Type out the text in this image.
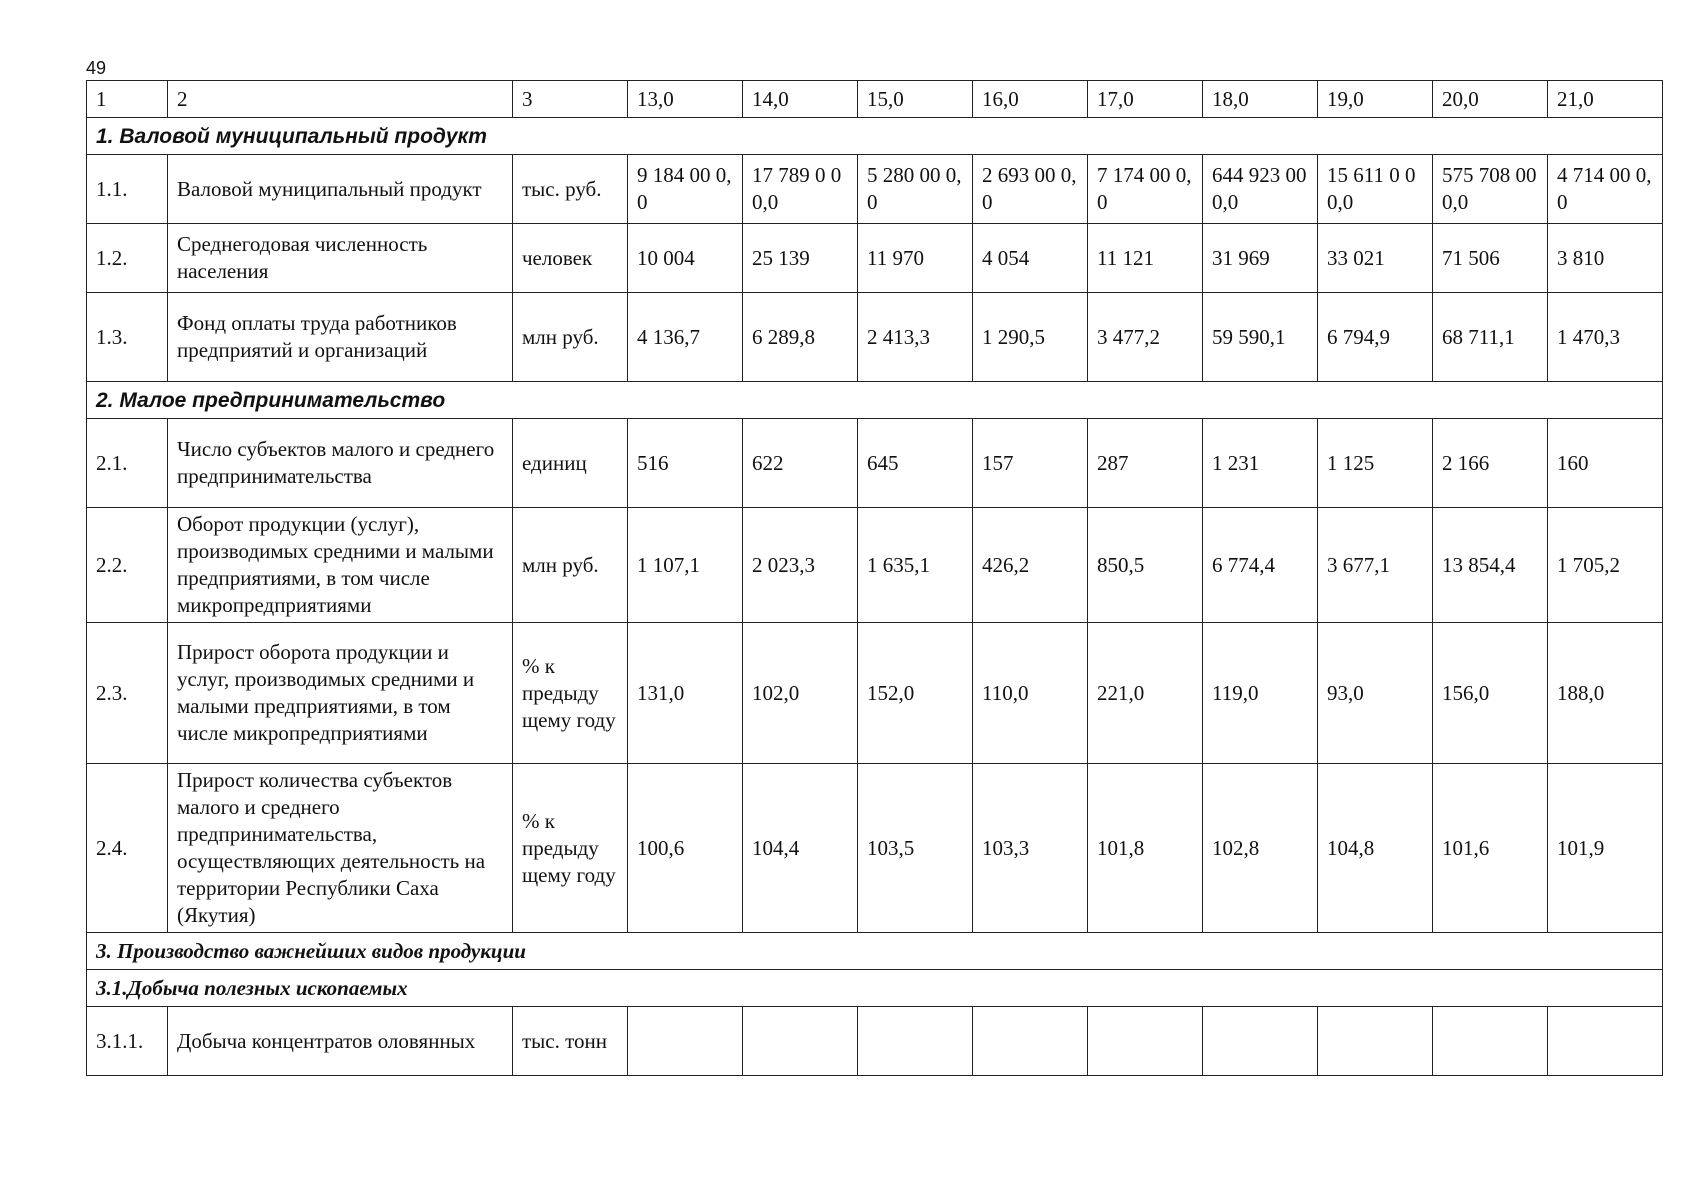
49
1	2	3	13,0	14,0	15,0	16,0	17,0	18,0	19,0	20,0	21,0
1. Валовой муниципальный продукт											
1.1.	Валовой муниципальный продукт	тыс. руб.	9 184 00 0,0	17 789 0 00,0	5 280 00 0,0	2 693 00 0,0	7 174 00 0,0	644 923 000,0	15 611 0 00,0	575 708 000,0	4 714 00 0,0
1.2.	Среднегодовая численность населения	человек	10 004	25 139	11 970	4 054	11 121	31 969	33 021	71 506	3 810
1.3.	Фонд оплаты труда работников предприятий и организаций	млн руб.	4 136,7	6 289,8	2 413,3	1 290,5	3 477,2	59 590,1	6 794,9	68 711,1	1 470,3
2. Малое предпринимательство											
2.1.	Число субъектов малого и среднего предпринимательства	единиц	516	622	645	157	287	1 231	1 125	2 166	160
2.2.	Оборот продукции (услуг), производимых средними и малыми предприятиями, в том числе микропредприятиями	млн руб.	1 107,1	2 023,3	1 635,1	426,2	850,5	6 774,4	3 677,1	13 854,4	1 705,2
2.3.	Прирост оборота продукции и услуг, производимых средними и малыми предприятиями, в том числе микропредприятиями	% к предыду щему году	131,0	102,0	152,0	110,0	221,0	119,0	93,0	156,0	188,0
2.4.	Прирост количества субъектов малого и среднего предпринимательства, осуществляющих деятельность на территории Республики Саха (Якутия)	% к предыду щему году	100,6	104,4	103,5	103,3	101,8	102,8	104,8	101,6	101,9
3. Производство важнейших видов продукции											
3.1.Добыча полезных ископаемых											
3.1.1.	Добыча концентратов оловянных	тыс. тонн									
